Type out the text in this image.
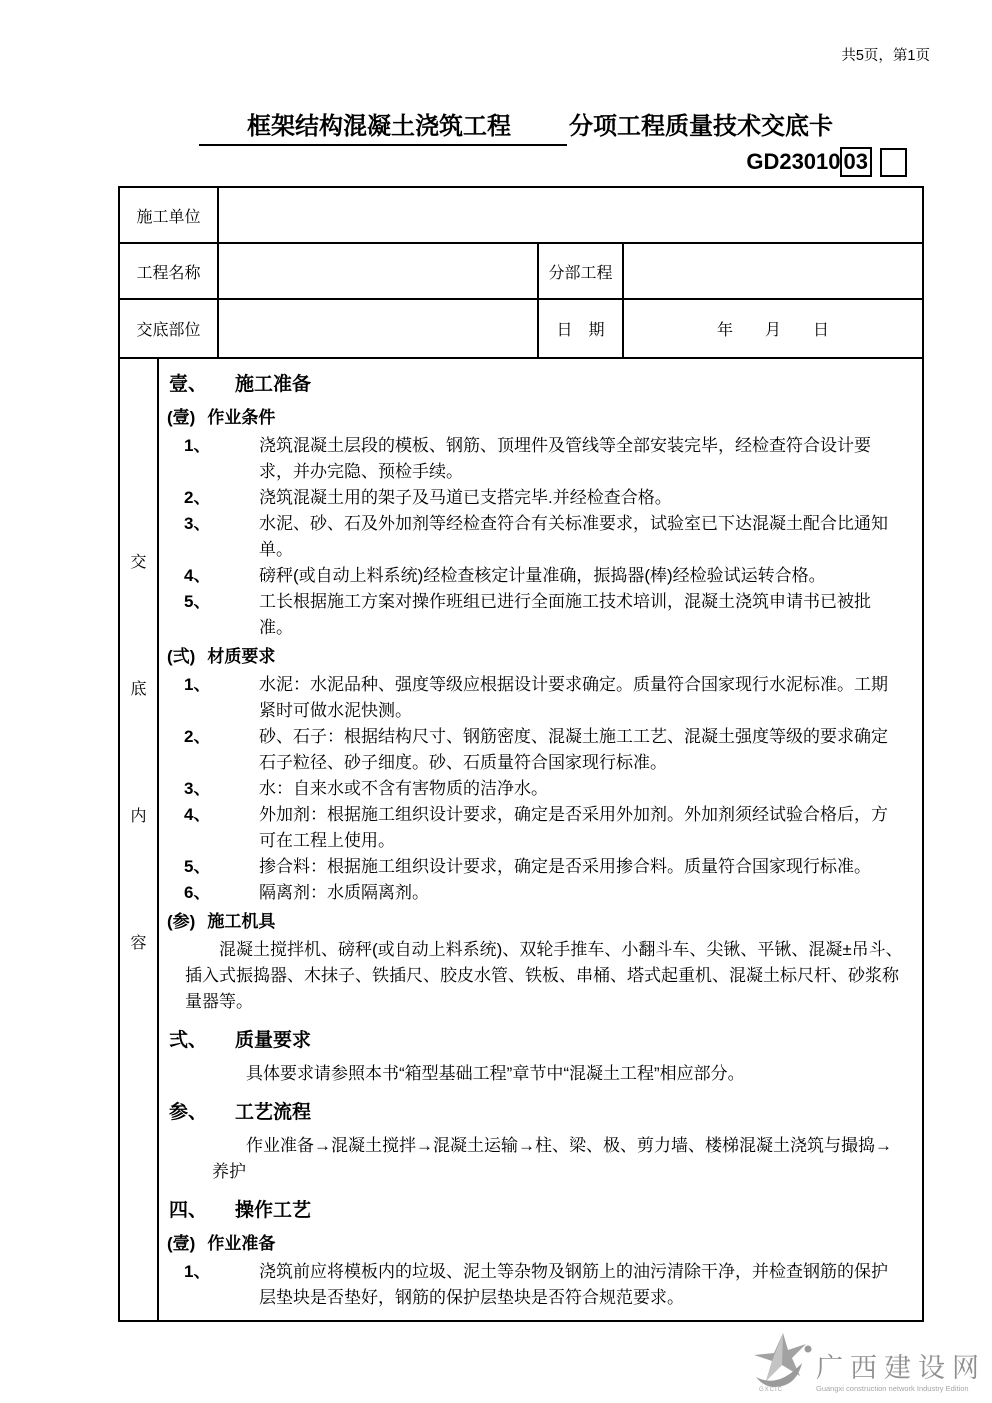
共5页，第1页
框架结构混凝土浇筑工程 分项工程质量技术交底卡
GD23010 03
施工单位
工程名称	分部工程
交底部位	日　期	年　　月　　日
交
底
内
容
壹、	施工准备
(壹) 作业条件
1、	浇筑混凝土层段的模板、钢筋、顶埋件及管线等全部安装完毕，经检查符合设计要求，并办完隐、预检手续。
2、	浇筑混凝土用的架子及马道已支搭完毕.并经检查合格。
3、	水泥、砂、石及外加剂等经检查符合有关标准要求，试验室已下达混凝土配合比通知单。
4、	磅秤(或自动上料系统)经检查核定计量准确，振捣器(棒)经检验试运转合格。
5、	工长根据施工方案对操作班组已进行全面施工技术培训，混凝土浇筑申请书已被批准。
(弍) 材质要求
1、	水泥：水泥品种、强度等级应根据设计要求确定。质量符合国家现行水泥标准。工期紧时可做水泥快测。
2、	砂、石子：根据结构尺寸、钢筋密度、混凝土施工工艺、混凝土强度等级的要求确定石子粒径、砂子细度。砂、石质量符合国家现行标准。
3、	水：自来水或不含有害物质的洁净水。
4、	外加剂：根据施工组织设计要求，确定是否采用外加剂。外加剂须经试验合格后，方可在工程上使用。
5、	掺合料：根据施工组织设计要求，确定是否采用掺合料。质量符合国家现行标准。
6、	隔离剂：水质隔离剂。
(参) 施工机具
混凝土搅拌机、磅秤(或自动上料系统)、双轮手推车、小翻斗车、尖锹、平锹、混凝±吊斗、插入式振捣器、木抹子、铁插尺、胶皮水管、铁板、串桶、塔式起重机、混凝土标尺杆、砂浆称量器等。
弍、	质量要求
具体要求请参照本书“箱型基础工程”章节中“混凝土工程”相应部分。
参、	工艺流程
作业准备→混凝土搅拌→混凝土运输→柱、梁、极、剪力墙、楼梯混凝土浇筑与撮捣→养护
四、	操作工艺
(壹) 作业准备
1、	浇筑前应将模板内的垃圾、泥土等杂物及钢筋上的油污清除干净，并检查钢筋的保护层垫块是否垫好，钢筋的保护层垫块是否符合规范要求。
GXCIC
广西建设网
Guangxi construction network Industry Edition
